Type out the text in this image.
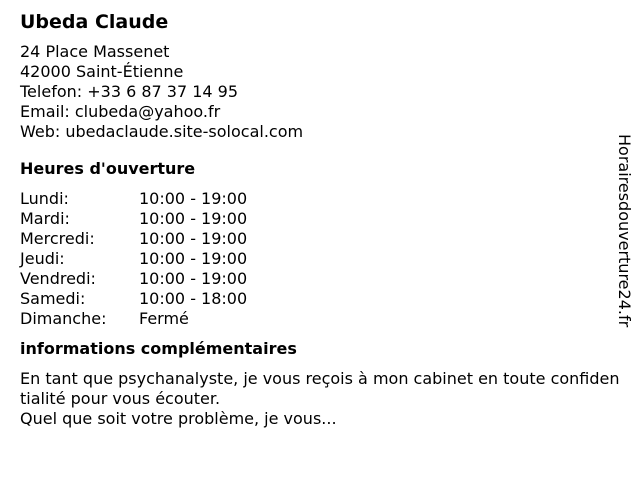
Ubeda Claude
24 Place Massenet
42000 Saint-Étienne
Telefon: +33 6 87 37 14 95
Email: clubeda@yahoo.fr
Web: ubedaclaude.site-solocal.com
Heures d'ouverture
Lundi:	10:00 - 19:00
Mardi:	10:00 - 19:00
Mercredi:	10:00 - 19:00
Jeudi:	10:00 - 19:00
Vendredi:	10:00 - 19:00
Samedi:	10:00 - 18:00
Dimanche:	Fermé
informations complémentaires
En tant que psychanalyste, je vous reçois à mon cabinet en toute confidentialité pour vous écouter.
Quel que soit votre problème, je vous...
Horairesdouverture24.fr
